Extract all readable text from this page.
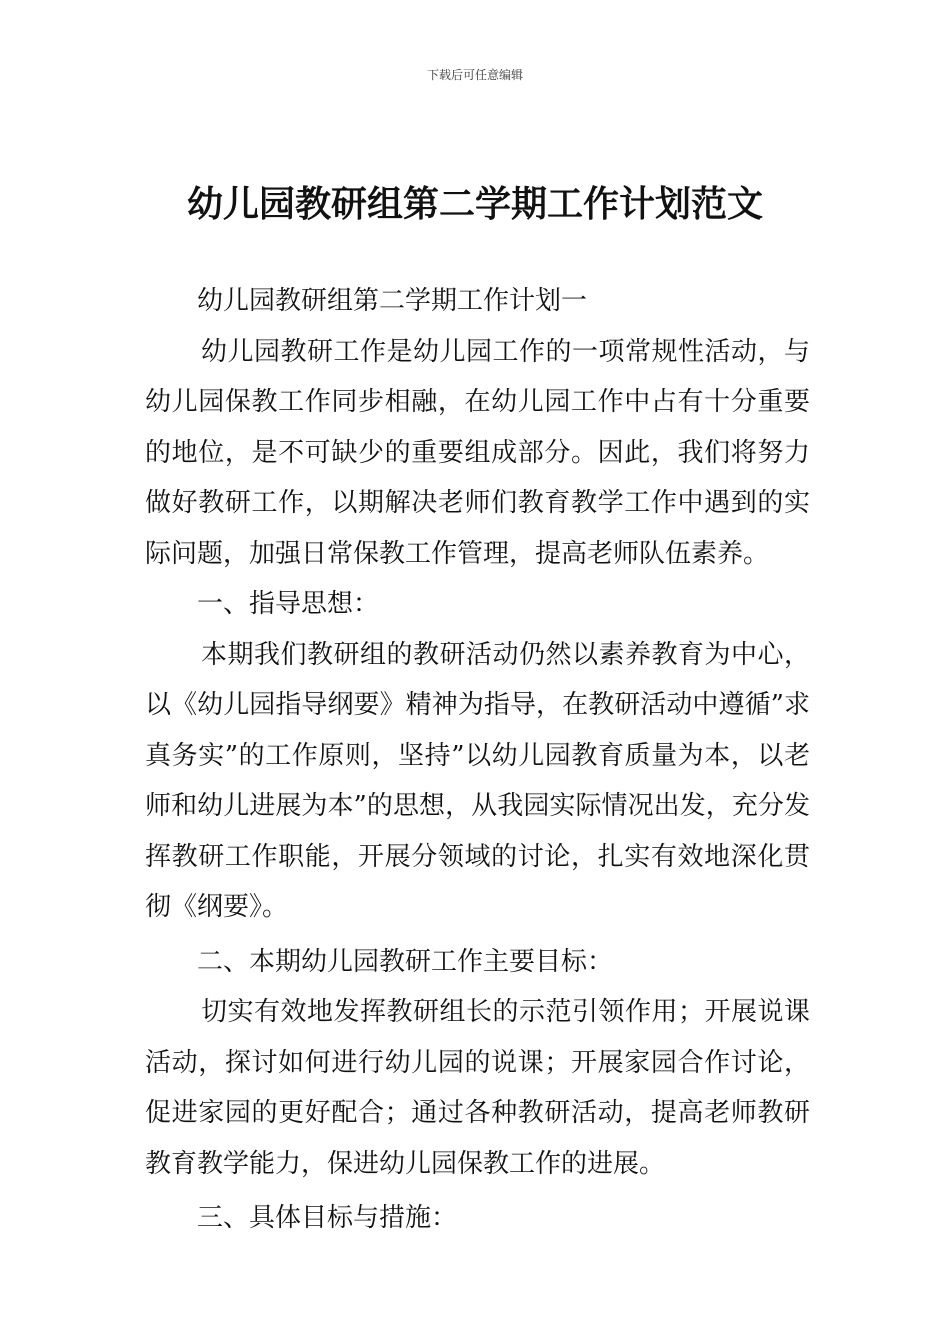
下载后可任意编辑
幼儿园教研组第二学期工作计划范文

幼儿园教研组第二学期工作计划一

幼儿园教研工作是幼儿园工作的一项常规性活动，与幼儿园保教工作同步相融，在幼儿园工作中占有十分重要的地位，是不可缺少的重要组成部分。因此，我们将努力做好教研工作，以期解决老师们教育教学工作中遇到的实际问题，加强日常保教工作管理，提高老师队伍素养。

一、指导思想：

本期我们教研组的教研活动仍然以素养教育为中心，以《幼儿园指导纲要》精神为指导，在教研活动中遵循”求真务实”的工作原则，坚持”以幼儿园教育质量为本，以老师和幼儿进展为本”的思想，从我园实际情况出发，充分发挥教研工作职能，开展分领域的讨论，扎实有效地深化贯彻《纲要》。

二、本期幼儿园教研工作主要目标：

切实有效地发挥教研组长的示范引领作用；开展说课活动，探讨如何进行幼儿园的说课；开展家园合作讨论，促进家园的更好配合；通过各种教研活动，提高老师教研教育教学能力，保进幼儿园保教工作的进展。

三、具体目标与措施：
